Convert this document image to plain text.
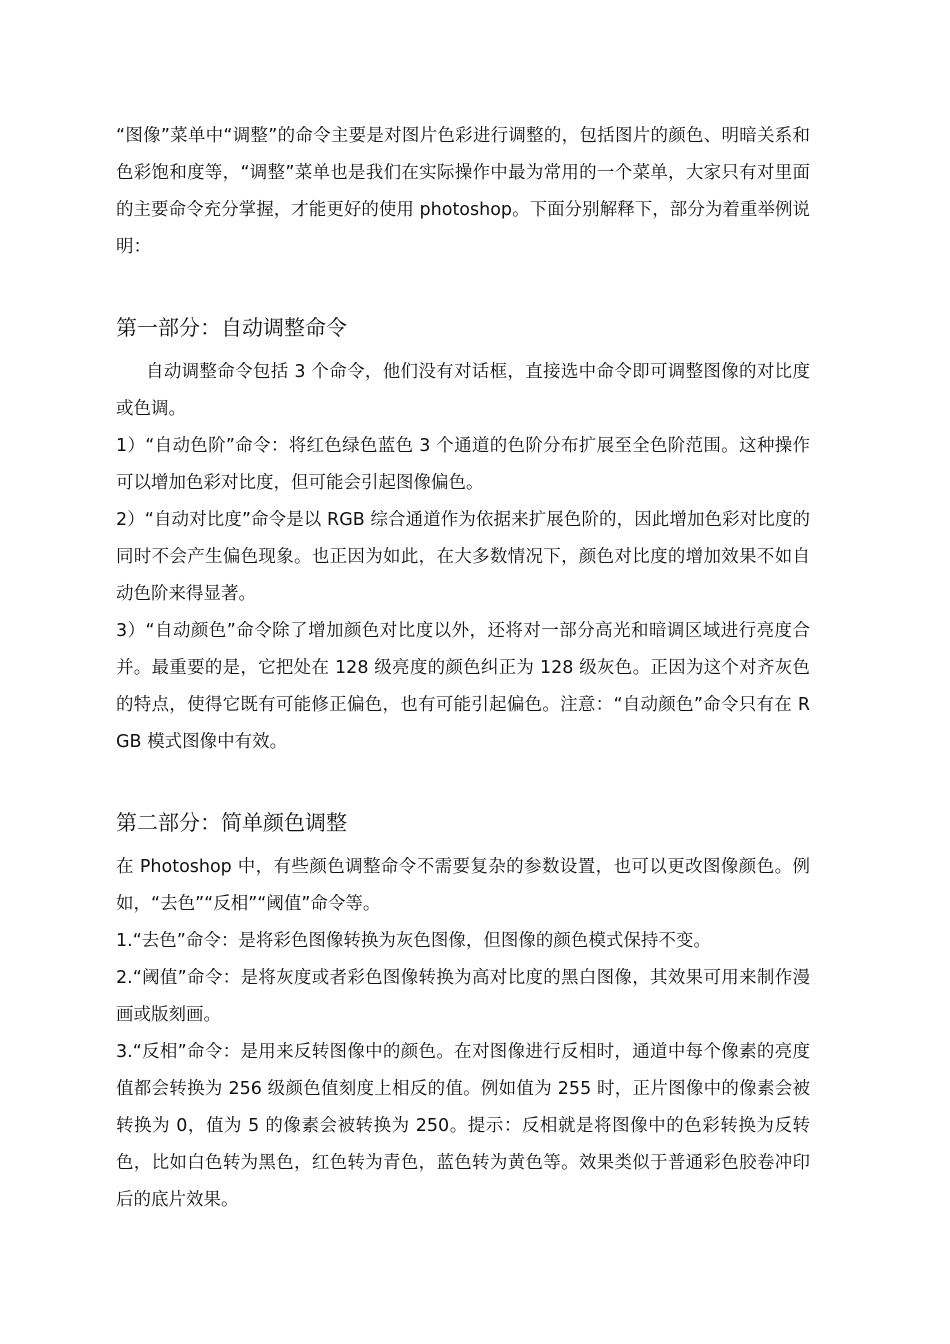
“图像”菜单中“调整”的命令主要是对图片色彩进行调整的，包括图片的颜色、明暗关系和色彩饱和度等，“调整”菜单也是我们在实际操作中最为常用的一个菜单，大家只有对里面的主要命令充分掌握，才能更好的使用 photoshop。下面分别解释下，部分为着重举例说明：

第一部分：自动调整命令

自动调整命令包括 3 个命令，他们没有对话框，直接选中命令即可调整图像的对比度或色调。

1）“自动色阶”命令：将红色绿色蓝色 3 个通道的色阶分布扩展至全色阶范围。这种操作可以增加色彩对比度，但可能会引起图像偏色。

2）“自动对比度”命令是以 RGB 综合通道作为依据来扩展色阶的，因此增加色彩对比度的同时不会产生偏色现象。也正因为如此，在大多数情况下，颜色对比度的增加效果不如自动色阶来得显著。

3）“自动颜色”命令除了增加颜色对比度以外，还将对一部分高光和暗调区域进行亮度合并。最重要的是，它把处在 128 级亮度的颜色纠正为 128 级灰色。正因为这个对齐灰色的特点，使得它既有可能修正偏色，也有可能引起偏色。注意：“自动颜色”命令只有在 RGB 模式图像中有效。

第二部分：简单颜色调整

在 Photoshop 中，有些颜色调整命令不需要复杂的参数设置，也可以更改图像颜色。例如，“去色”“反相”“阈值”命令等。

1.“去色”命令：是将彩色图像转换为灰色图像，但图像的颜色模式保持不变。

2.“阈值”命令：是将灰度或者彩色图像转换为高对比度的黑白图像，其效果可用来制作漫画或版刻画。

3.“反相”命令：是用来反转图像中的颜色。在对图像进行反相时，通道中每个像素的亮度值都会转换为 256 级颜色值刻度上相反的值。例如值为 255 时，正片图像中的像素会被转换为 0，值为 5 的像素会被转换为 250。提示：反相就是将图像中的色彩转换为反转色，比如白色转为黑色，红色转为青色，蓝色转为黄色等。效果类似于普通彩色胶卷冲印后的底片效果。
